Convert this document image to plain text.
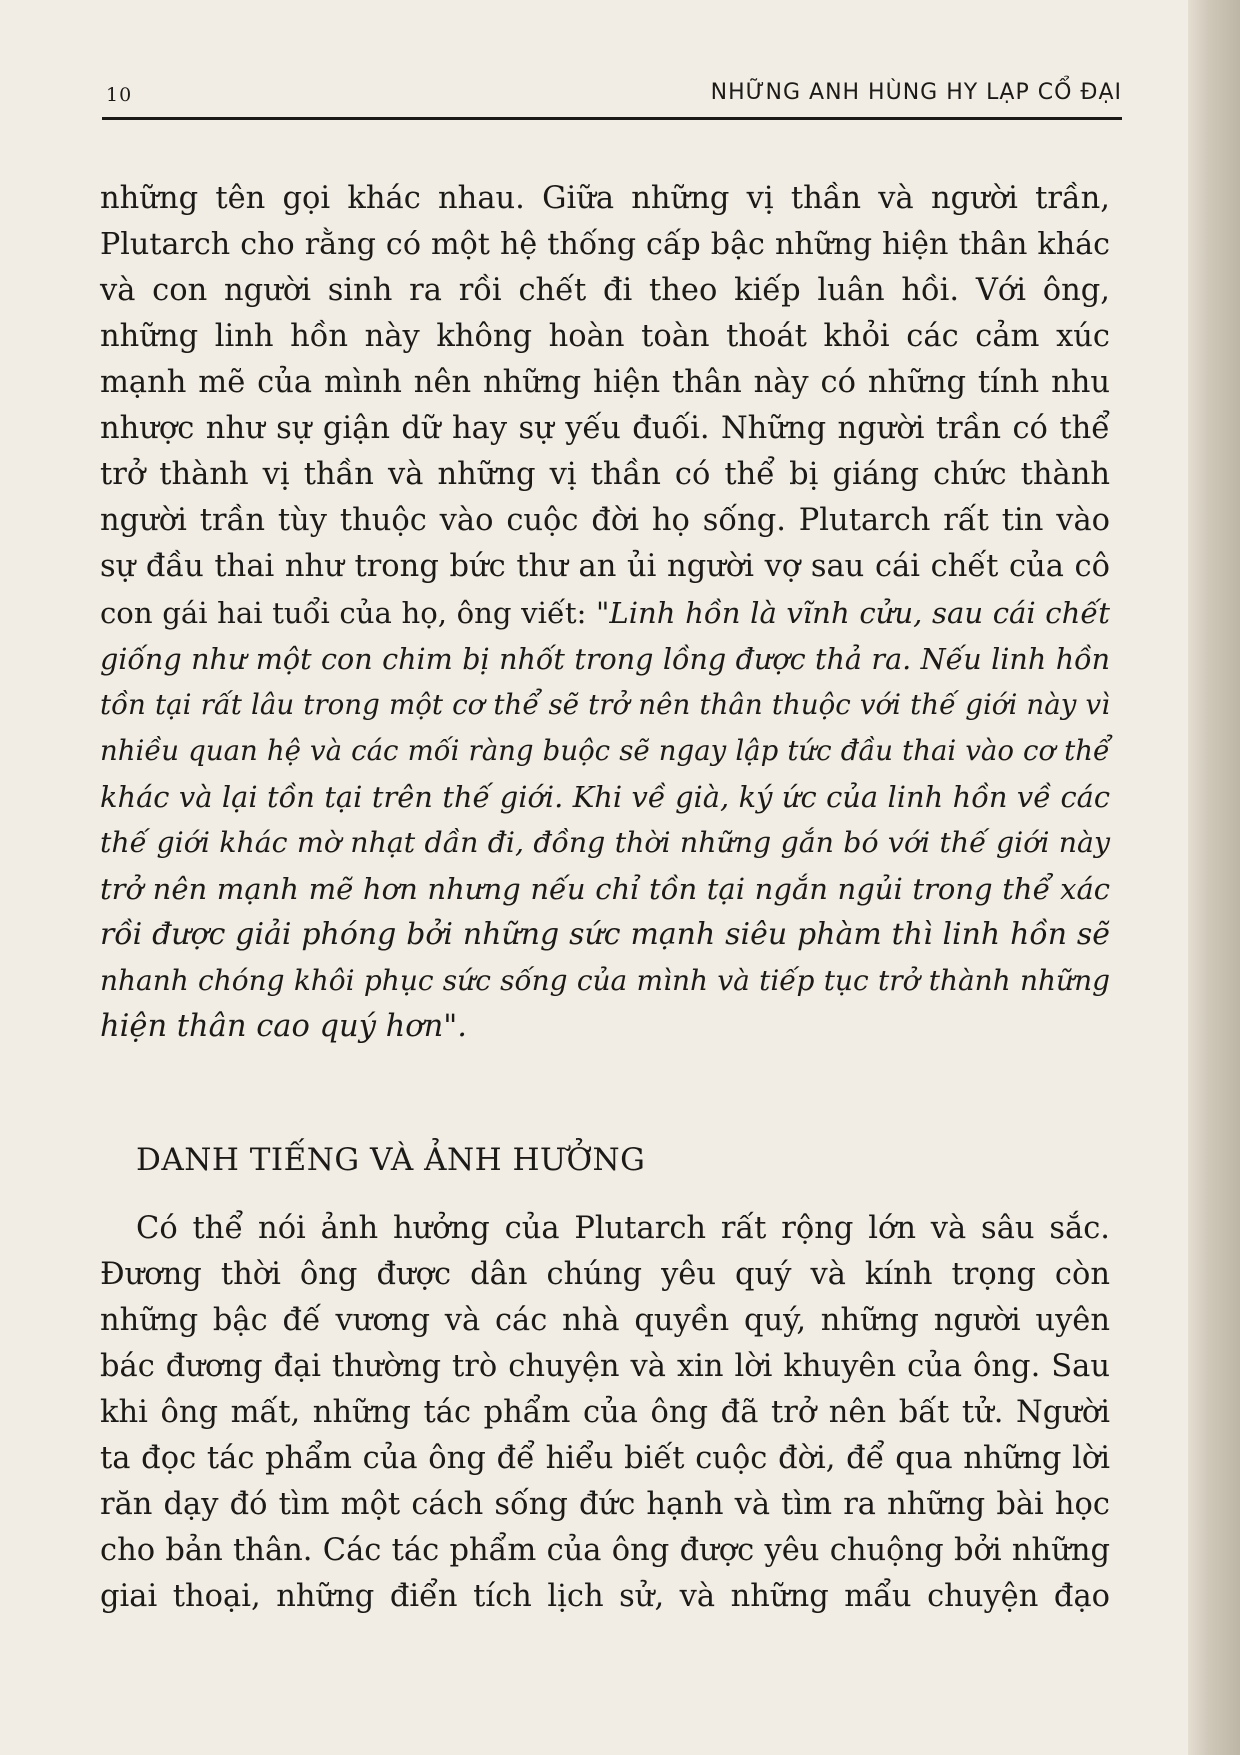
10	NHỮNG ANH HÙNG HY LẠP CỔ ĐẠI
những tên gọi khác nhau. Giữa những vị thần và người trần,
Plutarch cho rằng có một hệ thống cấp bậc những hiện thân khác
và con người sinh ra rồi chết đi theo kiếp luân hồi. Với ông,
những linh hồn này không hoàn toàn thoát khỏi các cảm xúc
mạnh mẽ của mình nên những hiện thân này có những tính nhu
nhược như sự giận dữ hay sự yếu đuối. Những người trần có thể
trở thành vị thần và những vị thần có thể bị giáng chức thành
người trần tùy thuộc vào cuộc đời họ sống. Plutarch rất tin vào
sự đầu thai như trong bức thư an ủi người vợ sau cái chết của cô
con gái hai tuổi của họ, ông viết: "Linh hồn là vĩnh cửu, sau cái chết
giống như một con chim bị nhốt trong lồng được thả ra. Nếu linh hồn
tồn tại rất lâu trong một cơ thể sẽ trở nên thân thuộc với thế giới này vì
nhiều quan hệ và các mối ràng buộc sẽ ngay lập tức đầu thai vào cơ thể
khác và lại tồn tại trên thế giới. Khi về già, ký ức của linh hồn về các
thế giới khác mờ nhạt dần đi, đồng thời những gắn bó với thế giới này
trở nên mạnh mẽ hơn nhưng nếu chỉ tồn tại ngắn ngủi trong thể xác
rồi được giải phóng bởi những sức mạnh siêu phàm thì linh hồn sẽ
nhanh chóng khôi phục sức sống của mình và tiếp tục trở thành những
hiện thân cao quý hơn".
DANH TIẾNG VÀ ẢNH HƯỞNG
Có thể nói ảnh hưởng của Plutarch rất rộng lớn và sâu sắc.
Đương thời ông được dân chúng yêu quý và kính trọng còn
những bậc đế vương và các nhà quyền quý, những người uyên
bác đương đại thường trò chuyện và xin lời khuyên của ông. Sau
khi ông mất, những tác phẩm của ông đã trở nên bất tử. Người
ta đọc tác phẩm của ông để hiểu biết cuộc đời, để qua những lời
răn dạy đó tìm một cách sống đức hạnh và tìm ra những bài học
cho bản thân. Các tác phẩm của ông được yêu chuộng bởi những
giai thoại, những điển tích lịch sử, và những mẩu chuyện đạo
